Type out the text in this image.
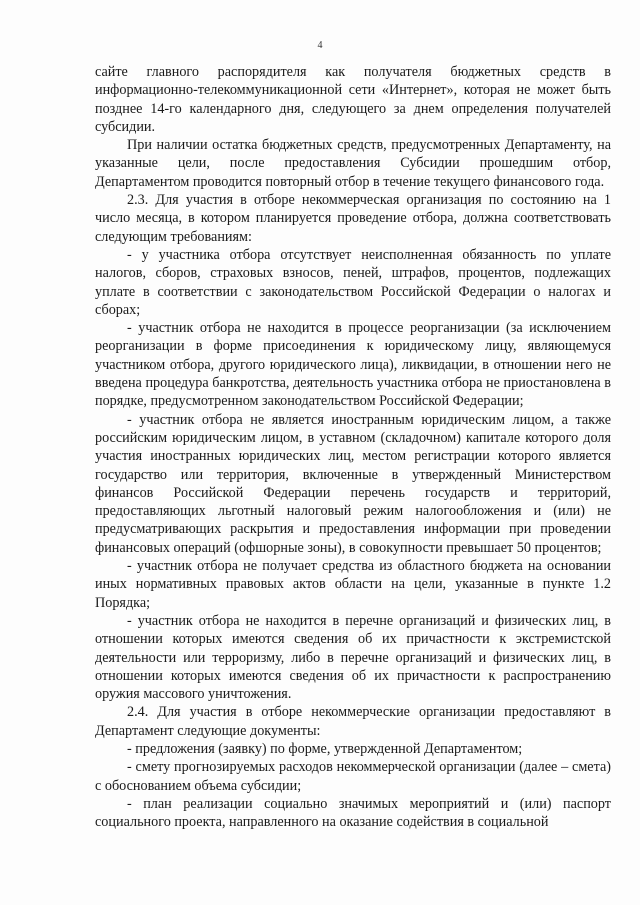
4

сайте главного распорядителя как получателя бюджетных средств в информационно-телекоммуникационной сети «Интернет», которая не может быть позднее 14-го календарного дня, следующего за днем определения получателей субсидии.

При наличии остатка бюджетных средств, предусмотренных Департаменту, на указанные цели, после предоставления Субсидии прошедшим отбор, Департаментом проводится повторный отбор в течение текущего финансового года.

2.3. Для участия в отборе некоммерческая организация по состоянию на 1 число месяца, в котором планируется проведение отбора, должна соответствовать следующим требованиям:

- у участника отбора отсутствует неисполненная обязанность по уплате налогов, сборов, страховых взносов, пеней, штрафов, процентов, подлежащих уплате в соответствии с законодательством Российской Федерации о налогах и сборах;

- участник отбора не находится в процессе реорганизации (за исключением реорганизации в форме присоединения к юридическому лицу, являющемуся участником отбора, другого юридического лица), ликвидации, в отношении него не введена процедура банкротства, деятельность участника отбора не приостановлена в порядке, предусмотренном законодательством Российской Федерации;

- участник отбора не является иностранным юридическим лицом, а также российским юридическим лицом, в уставном (складочном) капитале которого доля участия иностранных юридических лиц, местом регистрации которого является государство или территория, включенные в утвержденный Министерством финансов Российской Федерации перечень государств и территорий, предоставляющих льготный налоговый режим налогообложения и (или) не предусматривающих раскрытия и предоставления информации при проведении финансовых операций (офшорные зоны), в совокупности превышает 50 процентов;

- участник отбора не получает средства из областного бюджета на основании иных нормативных правовых актов области на цели, указанные в пункте 1.2 Порядка;

- участник отбора не находится в перечне организаций и физических лиц, в отношении которых имеются сведения об их причастности к экстремистской деятельности или терроризму, либо в перечне организаций и физических лиц, в отношении которых имеются сведения об их причастности к распространению оружия массового уничтожения.

2.4. Для участия в отборе некоммерческие организации предоставляют в Департамент следующие документы:

- предложения (заявку) по форме, утвержденной Департаментом;

- смету прогнозируемых расходов некоммерческой организации (далее – смета) с обоснованием объема субсидии;

- план реализации социально значимых мероприятий и (или) паспорт социального проекта, направленного на оказание содействия в социальной
